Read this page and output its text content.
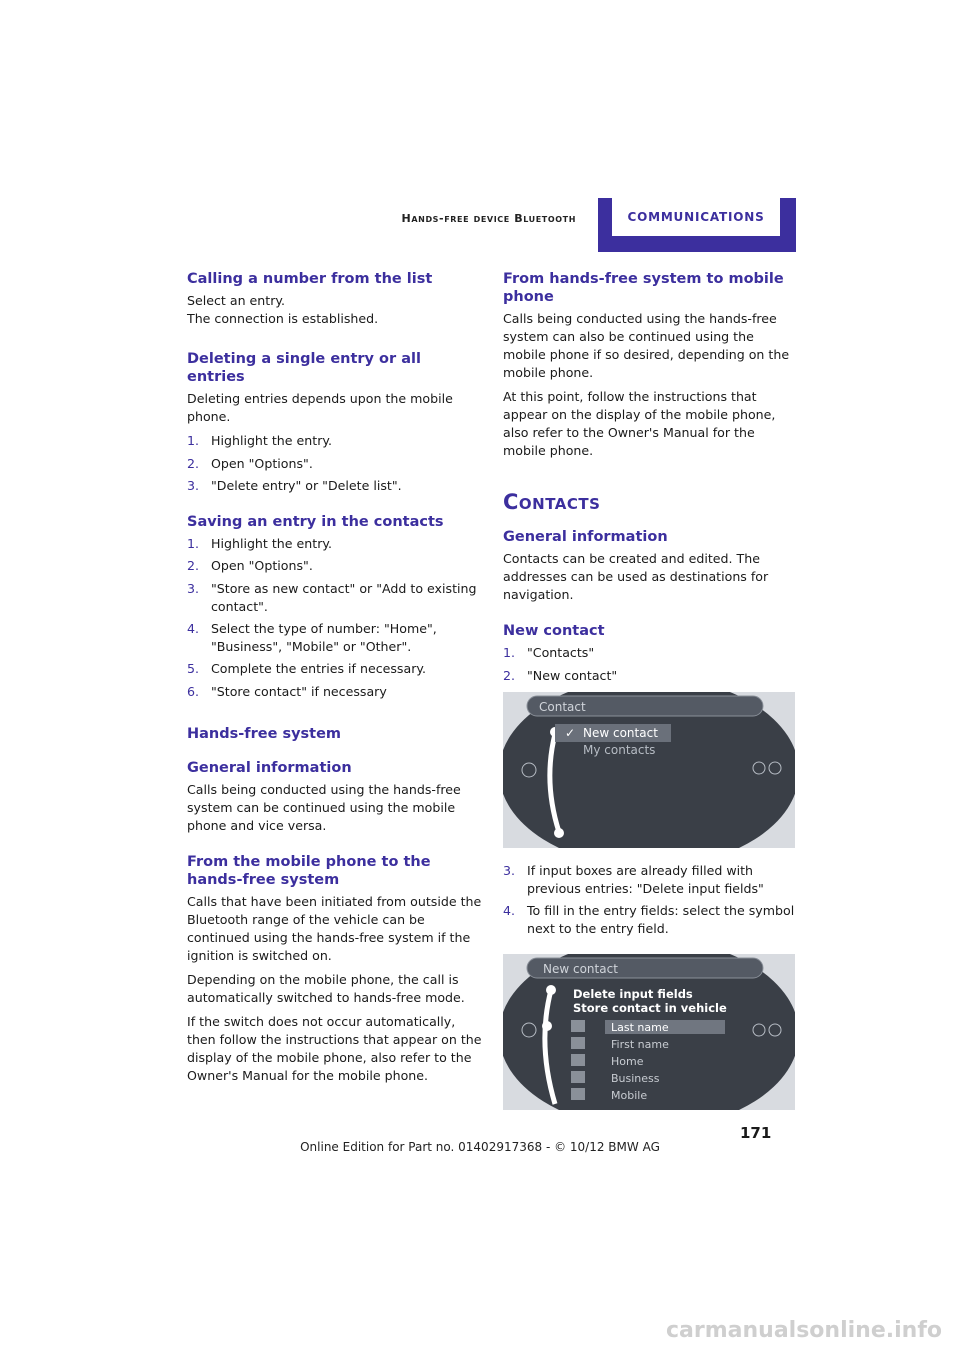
Hands-free device Bluetooth	COMMUNICATIONS
Calling a number from the list

Select an entry.

The connection is established.

Deleting a single entry or all entries

Deleting entries depends upon the mobile phone.

1. Highlight the entry.
2. Open "Options".
3. "Delete entry" or "Delete list".
Saving an entry in the contacts
1. Highlight the entry.
2. Open "Options".
3. "Store as new contact" or "Add to existing contact".
4. Select the type of number: "Home", "Business", "Mobile" or "Other".
5. Complete the entries if necessary.
6. "Store contact" if necessary
Hands-free system
General information

Calls being conducted using the hands-free system can be continued using the mobile phone and vice versa.

From the mobile phone to the hands-free system

Calls that have been initiated from outside the Bluetooth range of the vehicle can be continued using the hands-free system if the ignition is switched on.

Depending on the mobile phone, the call is automatically switched to hands-free mode.

If the switch does not occur automatically, then follow the instructions that appear on the display of the mobile phone, also refer to the Owner's Manual for the mobile phone.

From hands-free system to mobile phone

Calls being conducted using the hands-free system can also be continued using the mobile phone if so desired, depending on the mobile phone.

At this point, follow the instructions that appear on the display of the mobile phone, also refer to the Owner's Manual for the mobile phone.

Contacts
General information

Contacts can be created and edited. The addresses can be used as destinations for navigation.

New contact
1. "Contacts"
2. "New contact"
Contact
✓ New contact
My contacts
3. If input boxes are already filled with previous entries: "Delete input fields"
4. To fill in the entry fields: select the symbol next to the entry field.
New contact
Delete input fields
Store contact in vehicle
Last name
First name
Home
Business
Mobile
171
Online Edition for Part no. 01402917368 - © 10/12 BMW AG
carmanualsonline.info
